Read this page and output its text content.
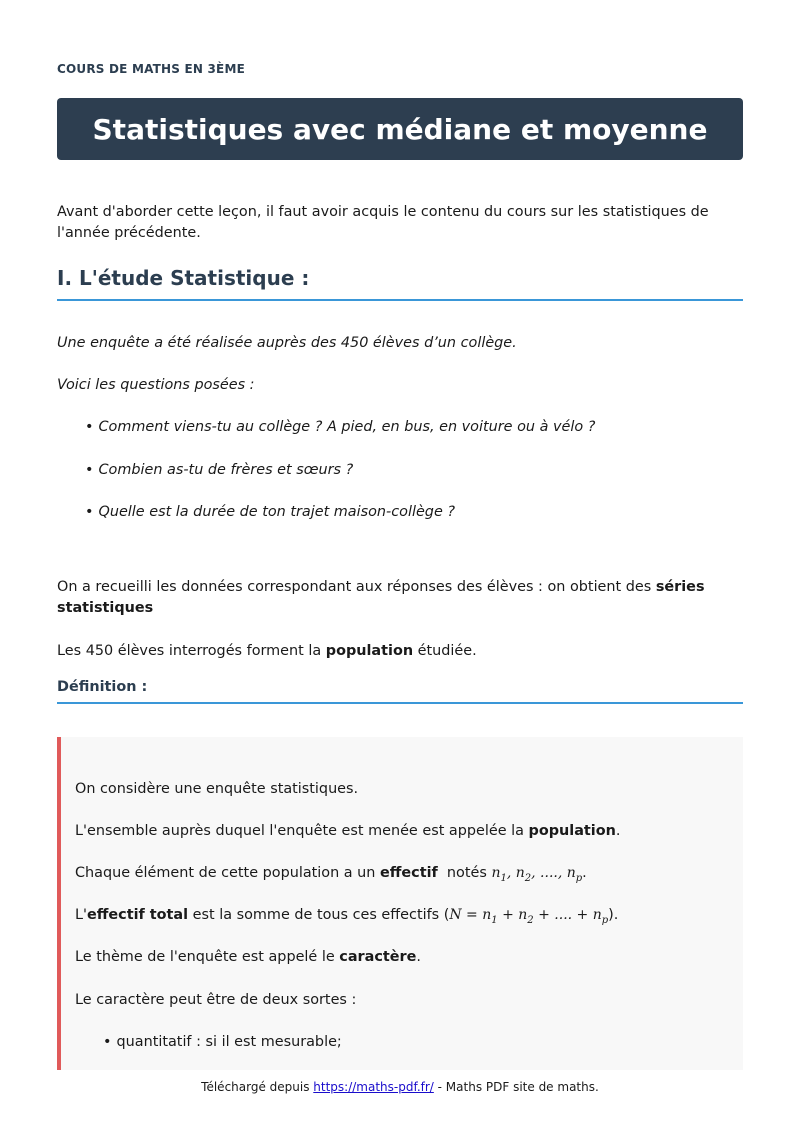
COURS DE MATHS EN 3ÈME
Statistiques avec médiane et moyenne
Avant d'aborder cette leçon, il faut avoir acquis le contenu du cours sur les statistiques de l'année précédente.
I. L'étude Statistique :
Une enquête a été réalisée auprès des 450 élèves d’un collège.
Voici les questions posées :
• Comment viens-tu au collège ? A pied, en bus, en voiture ou à vélo ?
• Combien as-tu de frères et sœurs ?
• Quelle est la durée de ton trajet maison-collège ?
On a recueilli les données correspondant aux réponses des élèves : on obtient des séries statistiques
Les 450 élèves interrogés forment la population étudiée.
Définition :
On considère une enquête statistiques.
L'ensemble auprès duquel l'enquête est menée est appelée la population.
Chaque élément de cette population a un effectif  notés $n_1$, $n_2$, ...., $n_p$.
L'effectif total est la somme de tous ces effectifs ($N = n_1 + n_2$ + .... + $n_p$).
Le thème de l'enquête est appelé le caractère.
Le caractère peut être de deux sortes :
• quantitatif : si il est mesurable;
Téléchargé depuis https://maths-pdf.fr/ - Maths PDF site de maths.
